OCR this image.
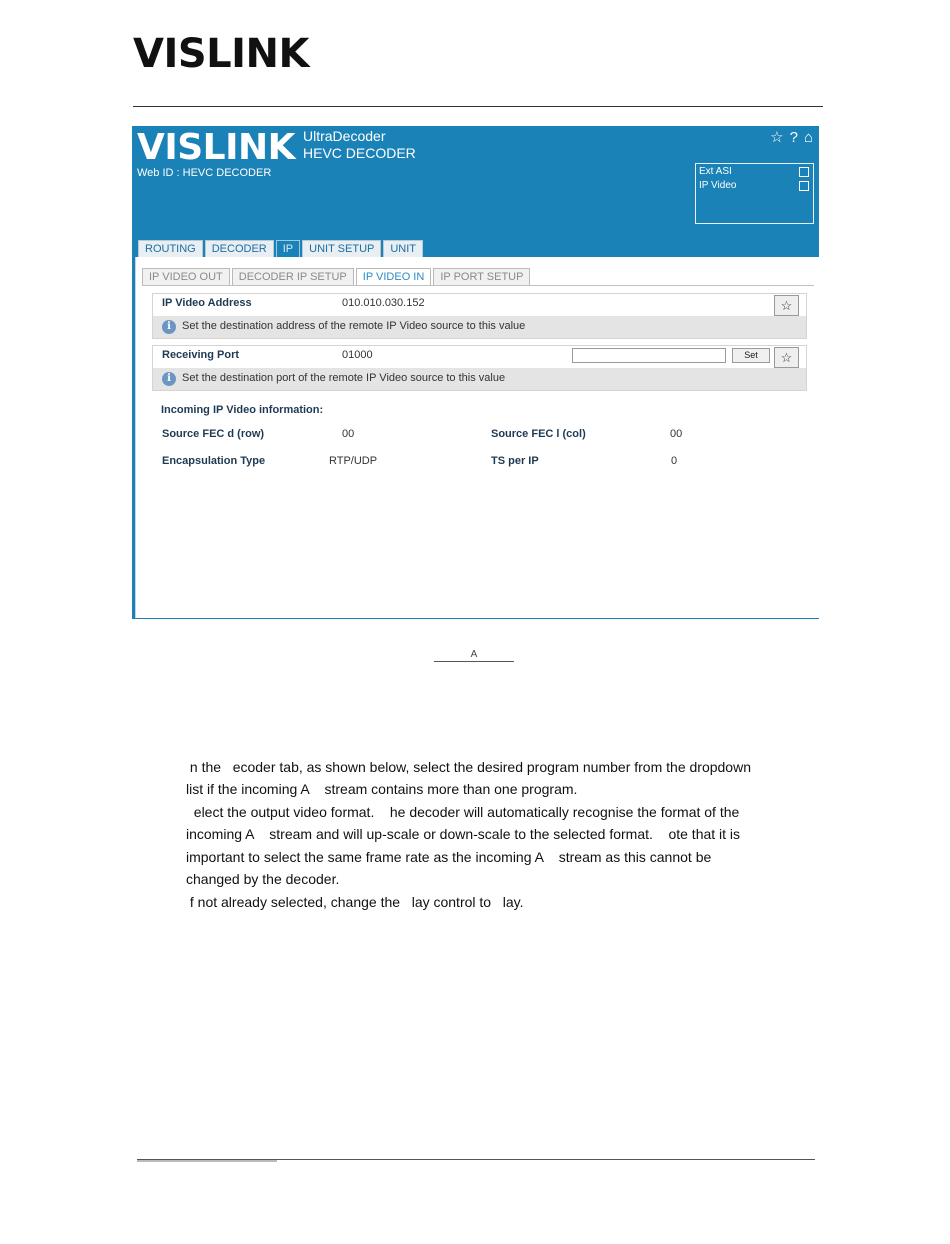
VISLINK
VISLINK UltraDecoder
HEVC DECODER
Web ID : HEVC DECODER
☆ ? ⌂
Ext ASI
IP Video
ROUTING	DECODER	IP	UNIT SETUP	UNIT
IP VIDEO OUT	DECODER IP SETUP	IP VIDEO IN	IP PORT SETUP
IP Video Address	010.010.030.152	☆
i	Set the destination address of the remote IP Video source to this value
Receiving Port	01000	Set	☆
i	Set the destination port of the remote IP Video source to this value
Incoming IP Video information:
Source FEC d (row)	00	Source FEC l (col)	00
Encapsulation Type	RTP/UDP	TS per IP	0
A
n the   ecoder tab, as shown below, select the desired program number from the dropdown
list if the incoming A    stream contains more than one program.
elect the output video format.    he decoder will automatically recognise the format of the
incoming A    stream and will up-scale or down-scale to the selected format.    ote that it is
important to select the same frame rate as the incoming A    stream as this cannot be
changed by the decoder.
f not already selected, change the   lay control to   lay.
